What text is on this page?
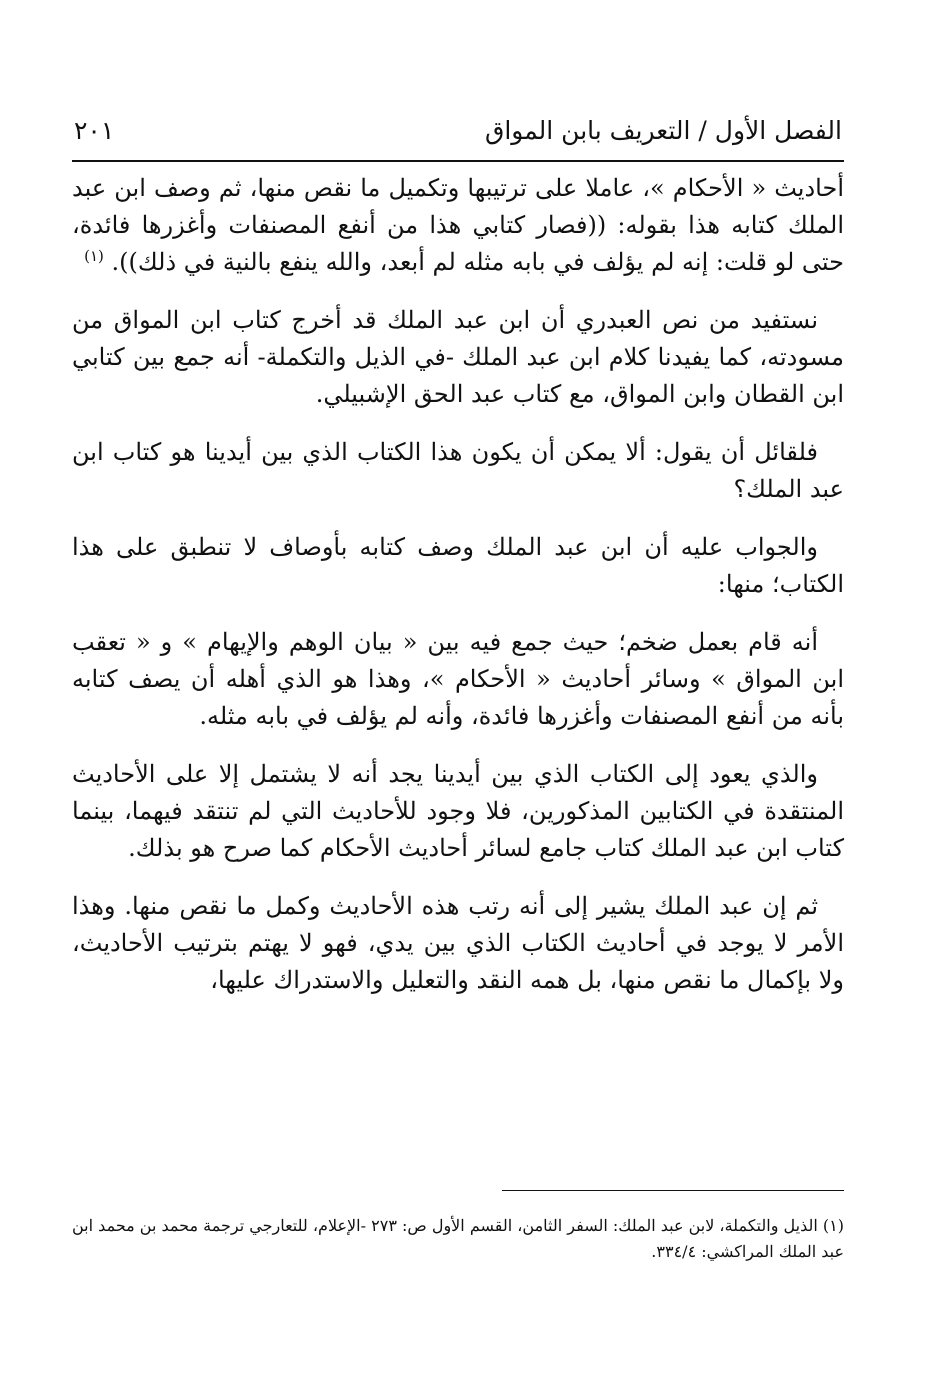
الفصل الأول / التعريف بابن المواق
٢٠١

أحاديث « الأحكام »، عاملا على ترتيبها وتكميل ما نقص منها، ثم وصف ابن عبد الملك كتابه هذا بقوله: ((فصار كتابي هذا من أنفع المصنفات وأغزرها فائدة، حتى لو قلت: إنه لم يؤلف في بابه مثله لم أبعد، والله ينفع بالنية في ذلك)). $^{(١)}$

نستفيد من نص العبدري أن ابن عبد الملك قد أخرج كتاب ابن المواق من مسودته، كما يفيدنا كلام ابن عبد الملك -في الذيل والتكملة- أنه جمع بين كتابي ابن القطان وابن المواق، مع كتاب عبد الحق الإشبيلي.

فلقائل أن يقول: ألا يمكن أن يكون هذا الكتاب الذي بين أيدينا هو كتاب ابن عبد الملك؟

والجواب عليه أن ابن عبد الملك وصف كتابه بأوصاف لا تنطبق على هذا الكتاب؛ منها:

أنه قام بعمل ضخم؛ حيث جمع فيه بين « بيان الوهم والإيهام » و « تعقب ابن المواق » وسائر أحاديث « الأحكام »، وهذا هو الذي أهله أن يصف كتابه بأنه من أنفع المصنفات وأغزرها فائدة، وأنه لم يؤلف في بابه مثله.

والذي يعود إلى الكتاب الذي بين أيدينا يجد أنه لا يشتمل إلا على الأحاديث المنتقدة في الكتابين المذكورين، فلا وجود للأحاديث التي لم تنتقد فيهما، بينما كتاب ابن عبد الملك كتاب جامع لسائر أحاديث الأحكام كما صرح هو بذلك.

ثم إن عبد الملك يشير إلى أنه رتب هذه الأحاديث وكمل ما نقص منها. وهذا الأمر لا يوجد في أحاديث الكتاب الذي بين يدي، فهو لا يهتم بترتيب الأحاديث، ولا بإكمال ما نقص منها، بل همه النقد والتعليل والاستدراك عليها،

(١) الذيل والتكملة، لابن عبد الملك: السفر الثامن، القسم الأول ص: ٢٧٣ -الإعلام، للتعارجي ترجمة محمد بن محمد ابن عبد الملك المراكشي: ٣٣٤/٤.
